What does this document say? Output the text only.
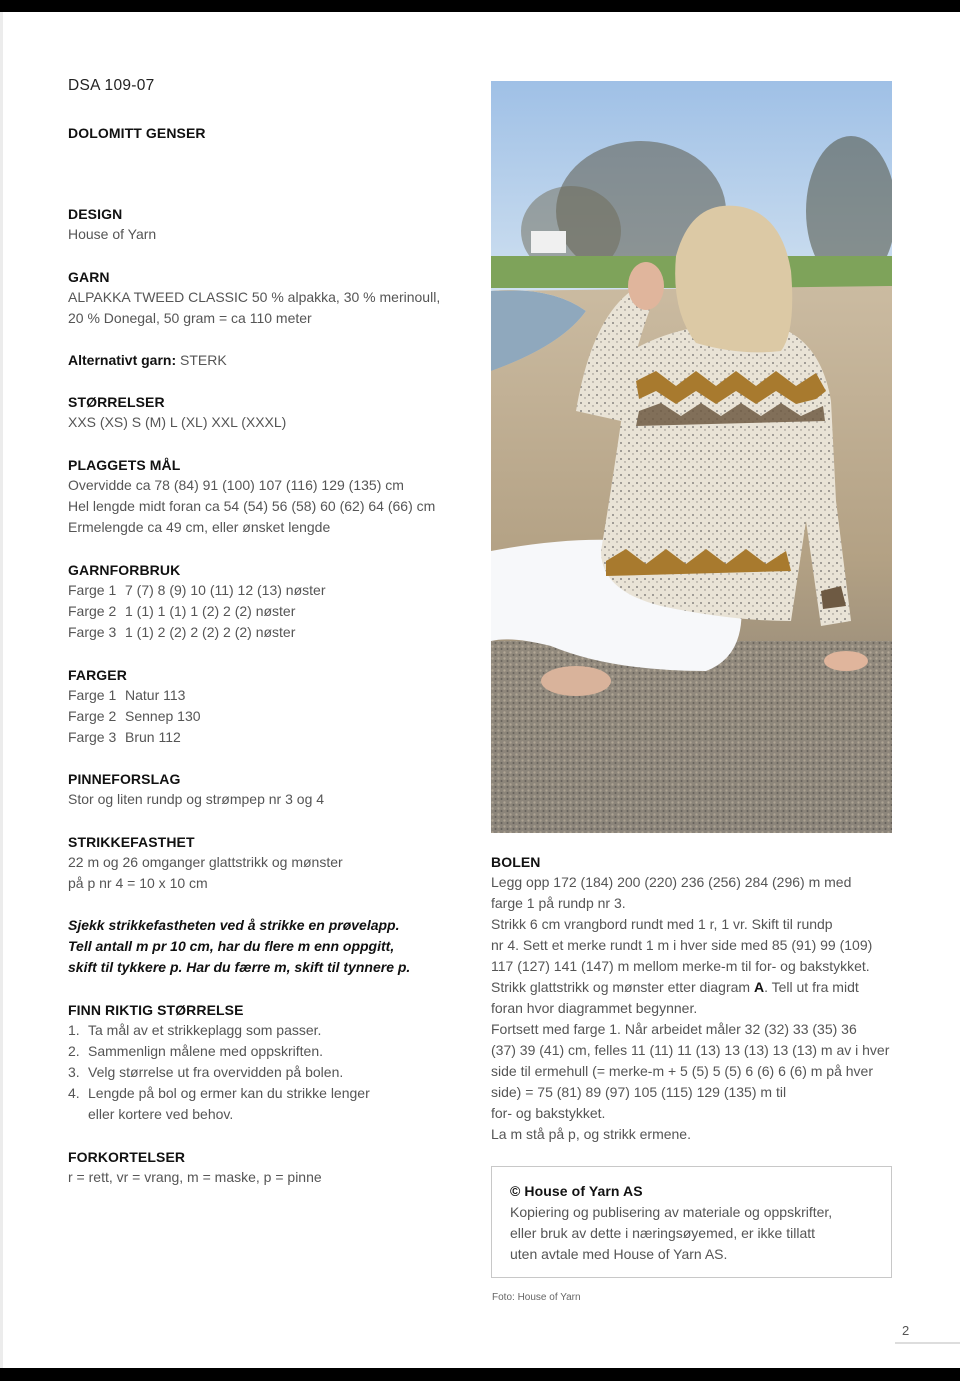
DSA 109-07
DOLOMITT GENSER
DESIGN
House of Yarn
GARN
ALPAKKA TWEED CLASSIC 50 % alpakka, 30 % merinoull,
20 % Donegal, 50 gram = ca 110 meter
Alternativt garn: STERK
STØRRELSER
XXS (XS) S (M) L (XL) XXL (XXXL)
PLAGGETS MÅL
Overvidde ca 78 (84) 91 (100) 107 (116) 129 (135) cm
Hel lengde midt foran ca 54 (54) 56 (58) 60 (62) 64 (66) cm
Ermelengde ca 49 cm, eller ønsket lengde
GARNFORBRUK
Farge 1 7 (7) 8 (9) 10 (11) 12 (13) nøster
Farge 2 1 (1) 1 (1) 1 (2) 2 (2) nøster
Farge 3 1 (1) 2 (2) 2 (2) 2 (2) nøster
FARGER
Farge 1 Natur 113
Farge 2 Sennep 130
Farge 3 Brun 112
PINNEFORSLAG
Stor og liten rundp og strømpep nr 3 og 4
STRIKKEFASTHET
22 m og 26 omganger glattstrikk og mønster
på p nr 4 = 10 x 10 cm
Sjekk strikkefastheten ved å strikke en prøvelapp.
Tell antall m pr 10 cm, har du flere m enn oppgitt,
skift til tykkere p. Har du færre m, skift til tynnere p.
FINN RIKTIG STØRRELSE
1. Ta mål av et strikkeplagg som passer.
2. Sammenlign målene med oppskriften.
3. Velg størrelse ut fra overvidden på bolen.
4. Lengde på bol og ermer kan du strikke lenger
eller kortere ved behov.
FORKORTELSER
r = rett, vr = vrang, m = maske, p = pinne
BOLEN
Legg opp 172 (184) 200 (220) 236 (256) 284 (296) m med
farge 1 på rundp nr 3.
Strikk 6 cm vrangbord rundt med 1 r, 1 vr. Skift til rundp
nr 4. Sett et merke rundt 1 m i hver side med 85 (91) 99 (109)
117 (127) 141 (147) m mellom merke-m til for- og bakstykket.
Strikk glattstrikk og mønster etter diagram A. Tell ut fra midt
foran hvor diagrammet begynner.
Fortsett med farge 1. Når arbeidet måler 32 (32) 33 (35) 36
(37) 39 (41) cm, felles 11 (11) 11 (13) 13 (13) 13 (13) m av i hver
side til ermehull (= merke-m + 5 (5) 5 (5) 6 (6) 6 (6) m på hver
side) = 75 (81) 89 (97) 105 (115) 129 (135) m til
for- og bakstykket.
La m stå på p, og strikk ermene.
© House of Yarn AS
Kopiering og publisering av materiale og oppskrifter,
eller bruk av dette i næringsøyemed, er ikke tillatt
uten avtale med House of Yarn AS.
Foto: House of Yarn
2
